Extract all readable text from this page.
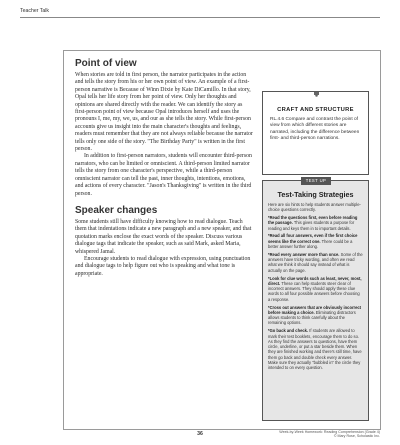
Teacher Talk
Point of view

When stories are told in first person, the narrator participates in the action and tells the story from his or her own point of view. An example of a first-person narrative is Because of Winn Dixie by Kate DiCamillo. In that story, Opal tells her life story from her point of view. Only her thoughts and opinions are shared directly with the reader. We can identify the story as first-person point of view because Opal introduces herself and uses the pronouns I, me, my, we, us, and our as she tells the story. While first-person accounts give us insight into the main character's thoughts and feelings, readers must remember that they are not always reliable because the narrator tells only one side of the story. "The Birthday Party" is written in the first person.

In addition to first-person narrators, students will encounter third-person narrators, who can be limited or omniscient. A third-person limited narrator tells the story from one character's perspective, while a third-person omniscient narrator can tell the past, inner thoughts, intentions, emotions, and actions of every character. "Jason's Thanksgiving" is written in the third person.

Speaker changes

Some students still have difficulty knowing how to read dialogue. Teach them that indentations indicate a new paragraph and a new speaker, and that quotation marks enclose the exact words of the speaker. Discuss various dialogue tags that indicate the speaker, such as said Mark, asked Maria, whispered Jamal.

Encourage students to read dialogue with expression, using punctuation and dialogue tags to help figure out who is speaking and what tone is appropriate.

CRAFT AND STRUCTURE
RL.4.6 Compare and contrast the point of view from which different stories are narrated, including the difference between first- and third-person narrations.
TEST UP
Test-Taking Strategies

Here are six hints to help students answer multiple-choice questions correctly.

*Read the questions first, even before reading the passage. This gives students a purpose for reading and keys them in to important details.

*Read all four answers, even if the first choice seems like the correct one. There could be a better answer further along.

*Read every answer more than once. Some of the answers have tricky wording, and often we read what we think it should say instead of what is actually on the page.

*Look for clue words such as least, never, most, direct. These can help students steer clear of incorrect answers. They should apply these clue words to all four possible answers before choosing a response.

*Cross out answers that are obviously incorrect before making a choice. Eliminating distractors allows students to think carefully about the remaining options.

*Go back and check. If students are allowed to mark their test booklets, encourage them to do so. As they find the answers to questions, have them circle, underline, or put a star beside them. When they are finished working and there's still time, have them go back and double check every answer. Make sure they actually "bubbled in" the circle they intended to on every question.

36	Week-by-Week Homework: Reading Comprehension (Grade 4)
© Mary Rose, Scholastic Inc.
